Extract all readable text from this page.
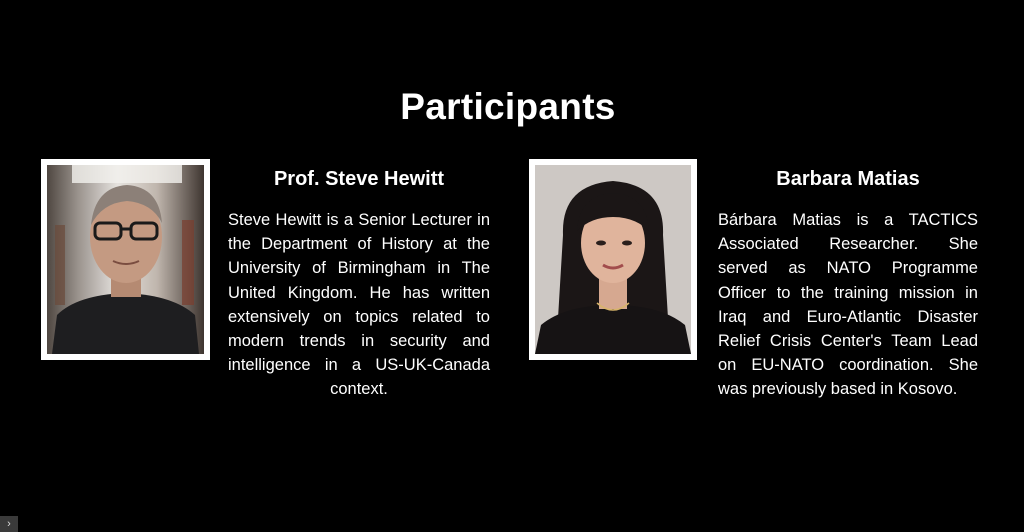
Participants
Prof. Steve Hewitt
Steve Hewitt is a Senior Lecturer in the Department of History at the University of Birmingham in The United Kingdom. He has written extensively on topics related to modern trends in security and intelligence in a US-UK-Canada context.
Barbara Matias
Bárbara Matias is a TACTICS Associated Researcher. She served as NATO Programme Officer to the training mission in Iraq and Euro-Atlantic Disaster Relief Crisis Center's Team Lead on EU-NATO coordination. She was previously based in Kosovo.
›
